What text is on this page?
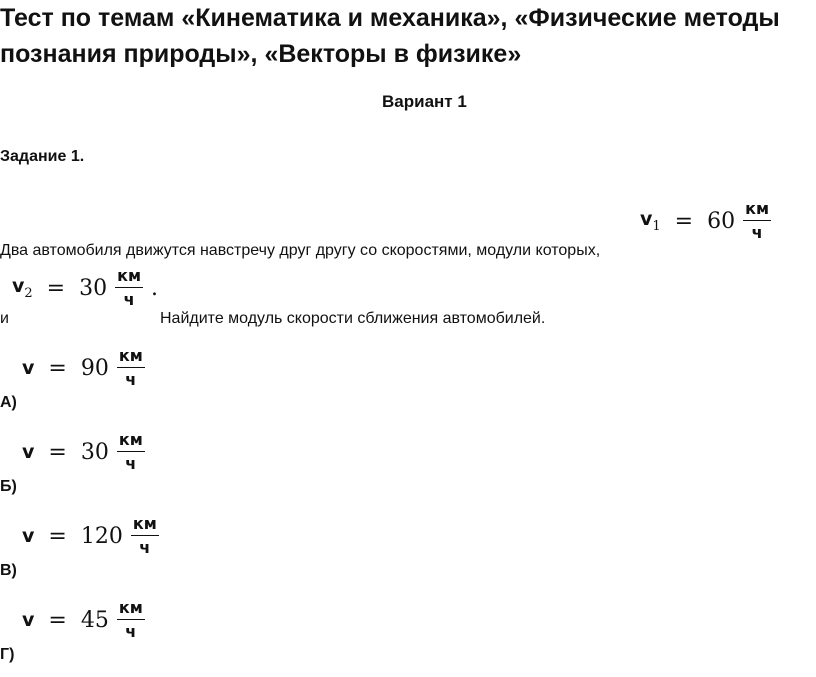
Тест по темам «Кинематика и механика», «Физические методы познания природы», «Векторы в физике»
Вариант 1
Задание 1.
$v_1 = 60 \frac{км}{ч}$
Два автомобиля движутся навстречу друг другу со скоростями, модули которых,
$v_2 = 30 \frac{км}{ч}$ .
и	Найдите модуль скорости сближения автомобилей.
$v = 90 \frac{км}{ч}$
А)
$v = 30 \frac{км}{ч}$
Б)
$v = 120 \frac{км}{ч}$
В)
$v = 45 \frac{км}{ч}$
Г)
